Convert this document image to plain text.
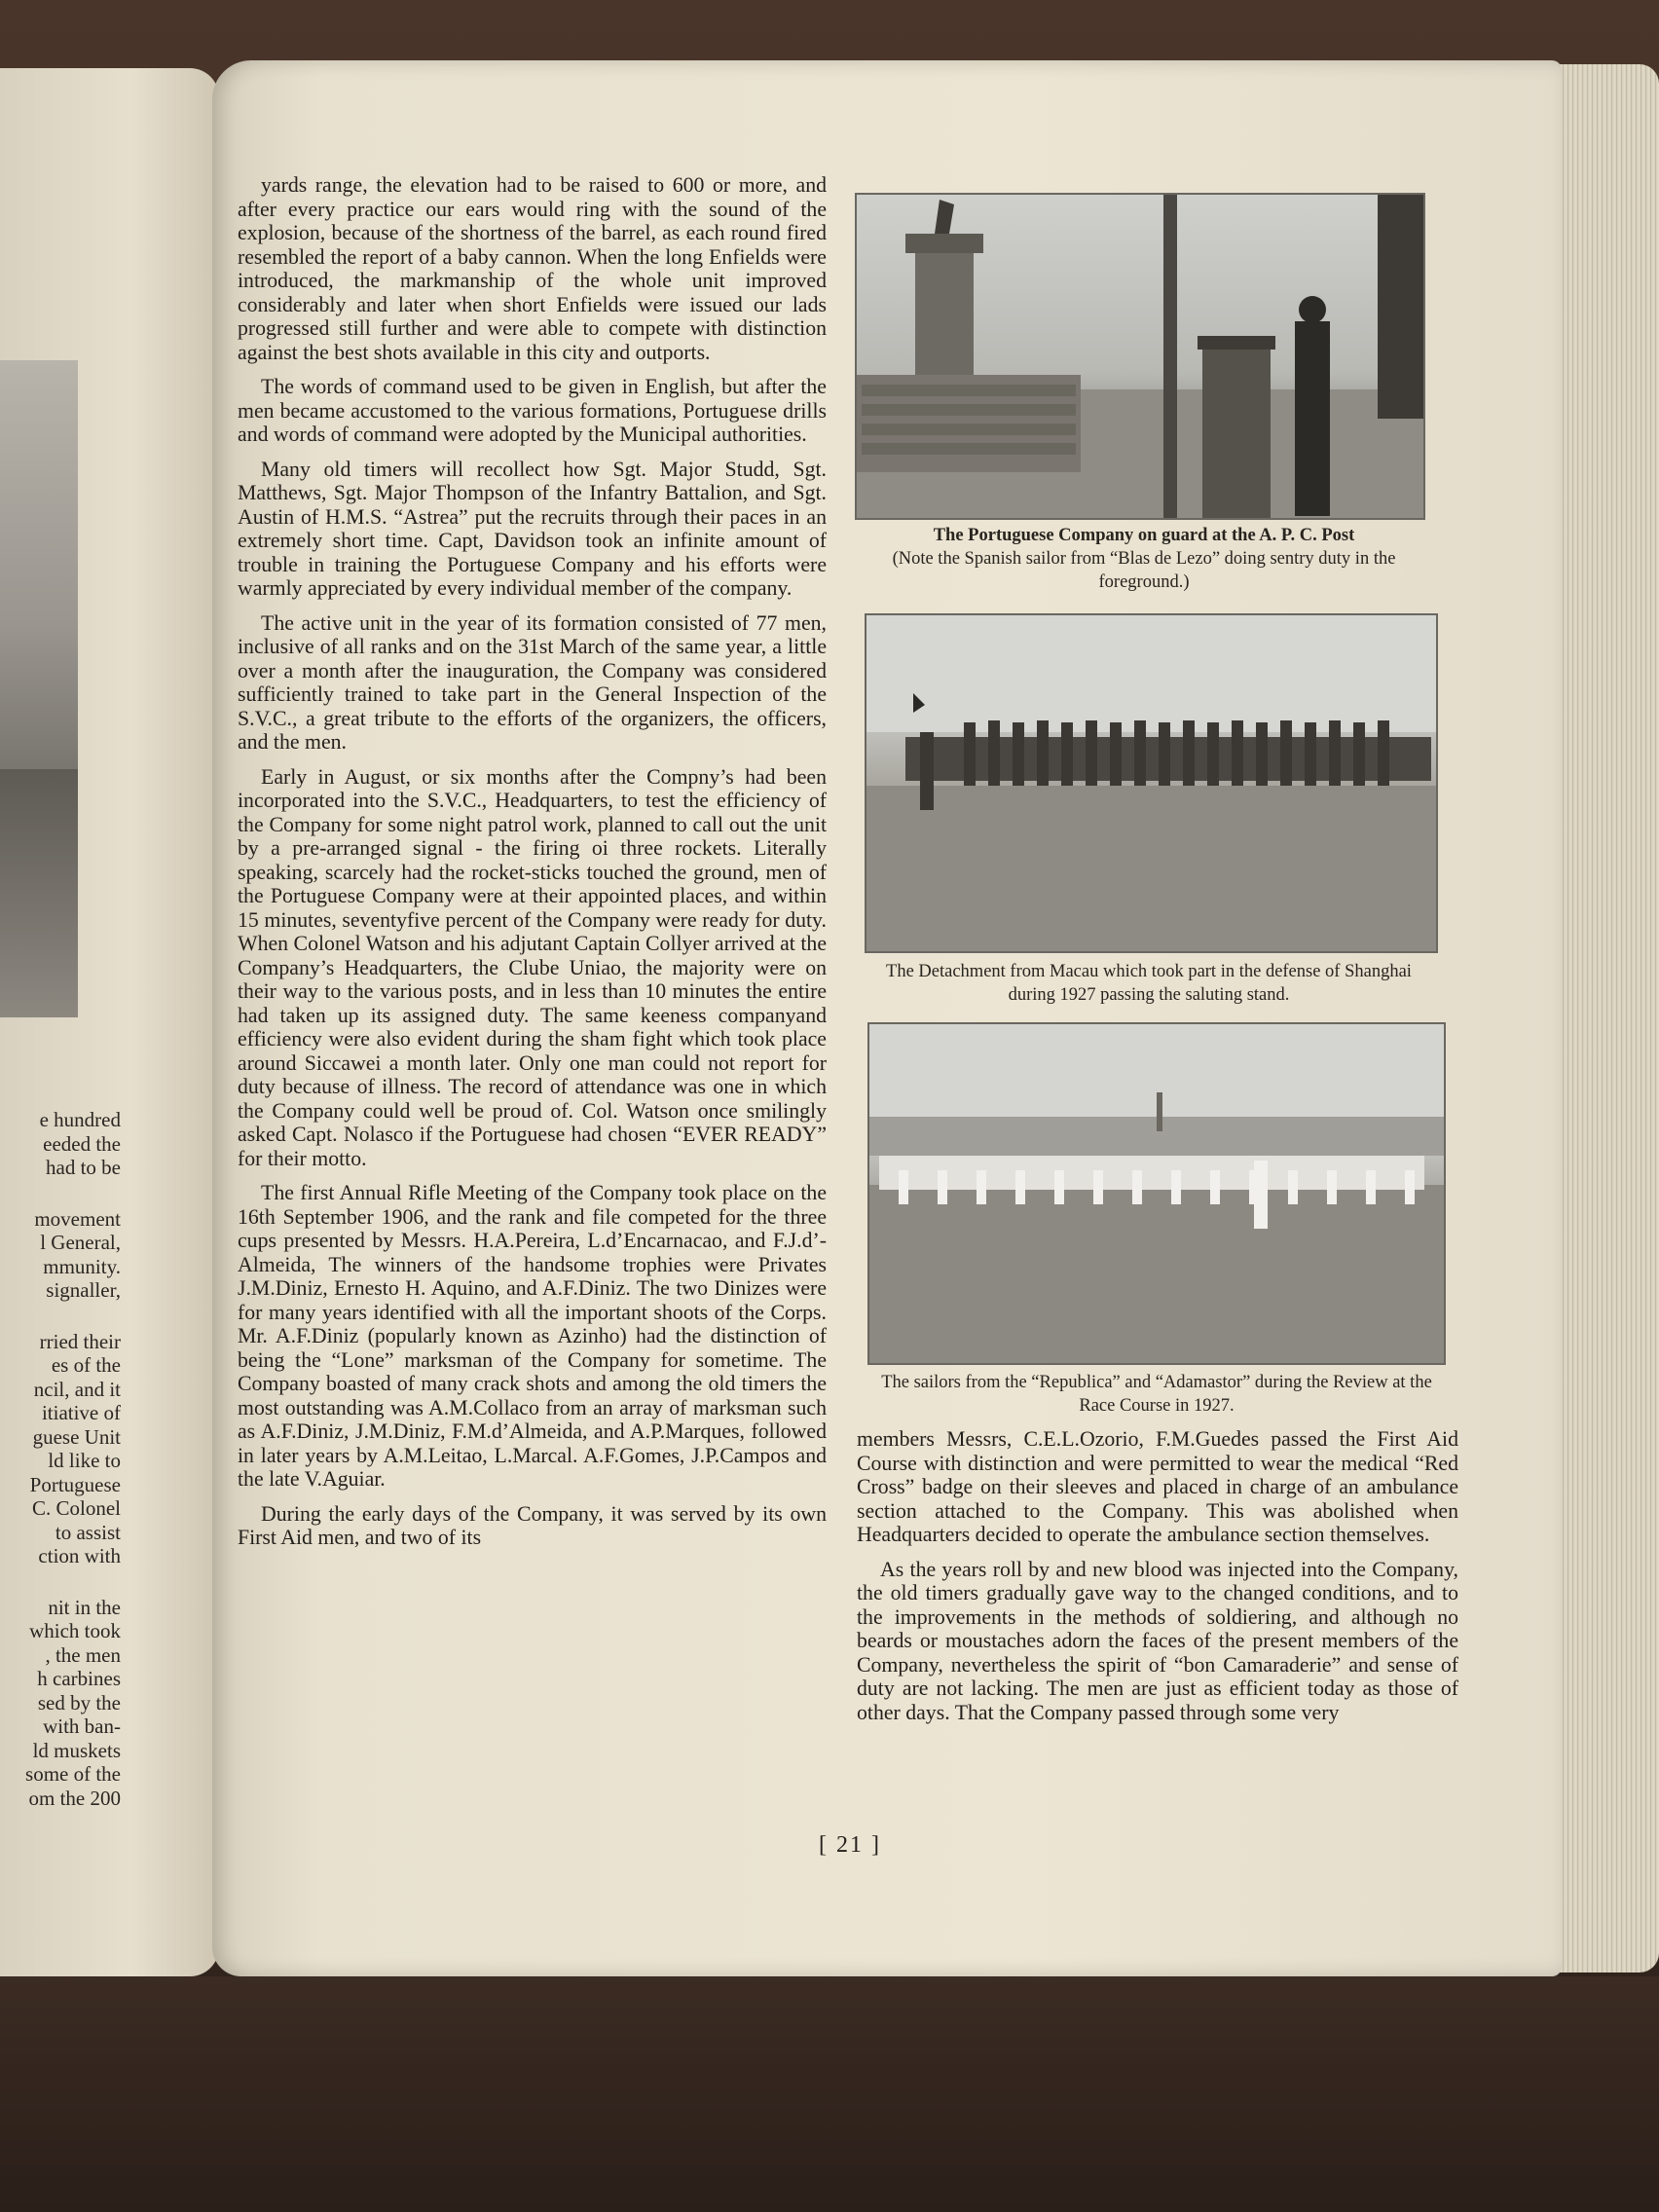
e hundred
eeded the
had to be
movement
l General,
mmunity.
signaller,
rried their
es of the
ncil, and it
itiative of
guese Unit
ld like to
Portuguese
C. Colonel
to assist
ction with
nit in the
which took
, the men
h carbines
sed by the
with ban-
ld muskets
some of the
om the 200

yards range, the elevation had to be raised to 600 or more, and after every practice our ears would ring with the sound of the explosion, because of the shortness of the barrel, as each round fired resembled the report of a baby cannon. When the long Enfields were introduced, the markmanship of the whole unit improved considerably and later when short Enfields were issued our lads progressed still further and were able to compete with distinction against the best shots available in this city and outports.

The words of command used to be given in English, but after the men became accustomed to the various formations, Portuguese drills and words of command were adopted by the Municipal authorities.

Many old timers will recollect how Sgt. Major Studd, Sgt. Matthews, Sgt. Major Thompson of the Infantry Battalion, and Sgt. Austin of H.M.S. “Astrea” put the recruits through their paces in an extremely short time. Capt, Davidson took an infinite amount of trouble in training the Portuguese Company and his efforts were warmly appreciated by every individual member of the company.

The active unit in the year of its formation consisted of 77 men, inclusive of all ranks and on the 31st March of the same year, a little over a month after the inauguration, the Company was considered sufficiently trained to take part in the General Inspection of the S.V.C., a great tribute to the efforts of the organizers, the officers, and the men.

Early in August, or six months after the Compny’s had been incorporated into the S.V.C., Headquarters, to test the efficiency of the Company for some night patrol work, planned to call out the unit by a pre-arranged signal - the firing oi three rockets. Literally speaking, scarcely had the rocket-sticks touched the ground, men of the Portuguese Company were at their appointed places, and within 15 minutes, seventyfive percent of the Company were ready for duty. When Colonel Watson and his adjutant Captain Collyer arrived at the Company’s Headquarters, the Clube Uniao, the majority were on their way to the various posts, and in less than 10 minutes the entire had taken up its assigned duty. The same keeness companyand efficiency were also evident during the sham fight which took place around Siccawei a month later. Only one man could not report for duty because of illness. The record of attendance was one in which the Company could well be proud of. Col. Watson once smilingly asked Capt. Nolasco if the Portuguese had chosen “EVER READY” for their motto.

The first Annual Rifle Meeting of the Company took place on the 16th September 1906, and the rank and file competed for the three cups presented by Messrs. H.A.Pereira, L.d’Encarnacao, and F.J.d’-Almeida, The winners of the handsome trophies were Privates J.M.Diniz, Ernesto H. Aquino, and A.F.Diniz. The two Dinizes were for many years identified with all the important shoots of the Corps. Mr. A.F.Diniz (popularly known as Azinho) had the distinction of being the “Lone” marksman of the Company for sometime. The Company boasted of many crack shots and among the old timers the most outstanding was A.M.Collaco from an array of marksman such as A.F.Diniz, J.M.Diniz, F.M.d’Almeida, and A.P.Marques, followed in later years by A.M.Leitao, L.Marcal. A.F.Gomes, J.P.Campos and the late V.Aguiar.

During the early days of the Company, it was served by its own First Aid men, and two of its

The Portuguese Company on guard at the A. P. C. Post
(Note the Spanish sailor from “Blas de Lezo” doing sentry duty in the foreground.)
The Detachment from Macau which took part in the defense of Shanghai during 1927 passing the saluting stand.
The sailors from the “Republica” and “Adamastor” during the Review at the Race Course in 1927.

members Messrs, C.E.L.Ozorio, F.M.Guedes passed the First Aid Course with distinction and were permitted to wear the medical “Red Cross” badge on their sleeves and placed in charge of an ambulance section attached to the Company. This was abolished when Headquarters decided to operate the ambulance section themselves.

As the years roll by and new blood was injected into the Company, the old timers gradually gave way to the changed conditions, and to the improvements in the methods of soldiering, and although no beards or moustaches adorn the faces of the present members of the Company, nevertheless the spirit of “bon Camaraderie” and sense of duty are not lacking. The men are just as efficient today as those of other days. That the Company passed through some very

[ 21 ]
